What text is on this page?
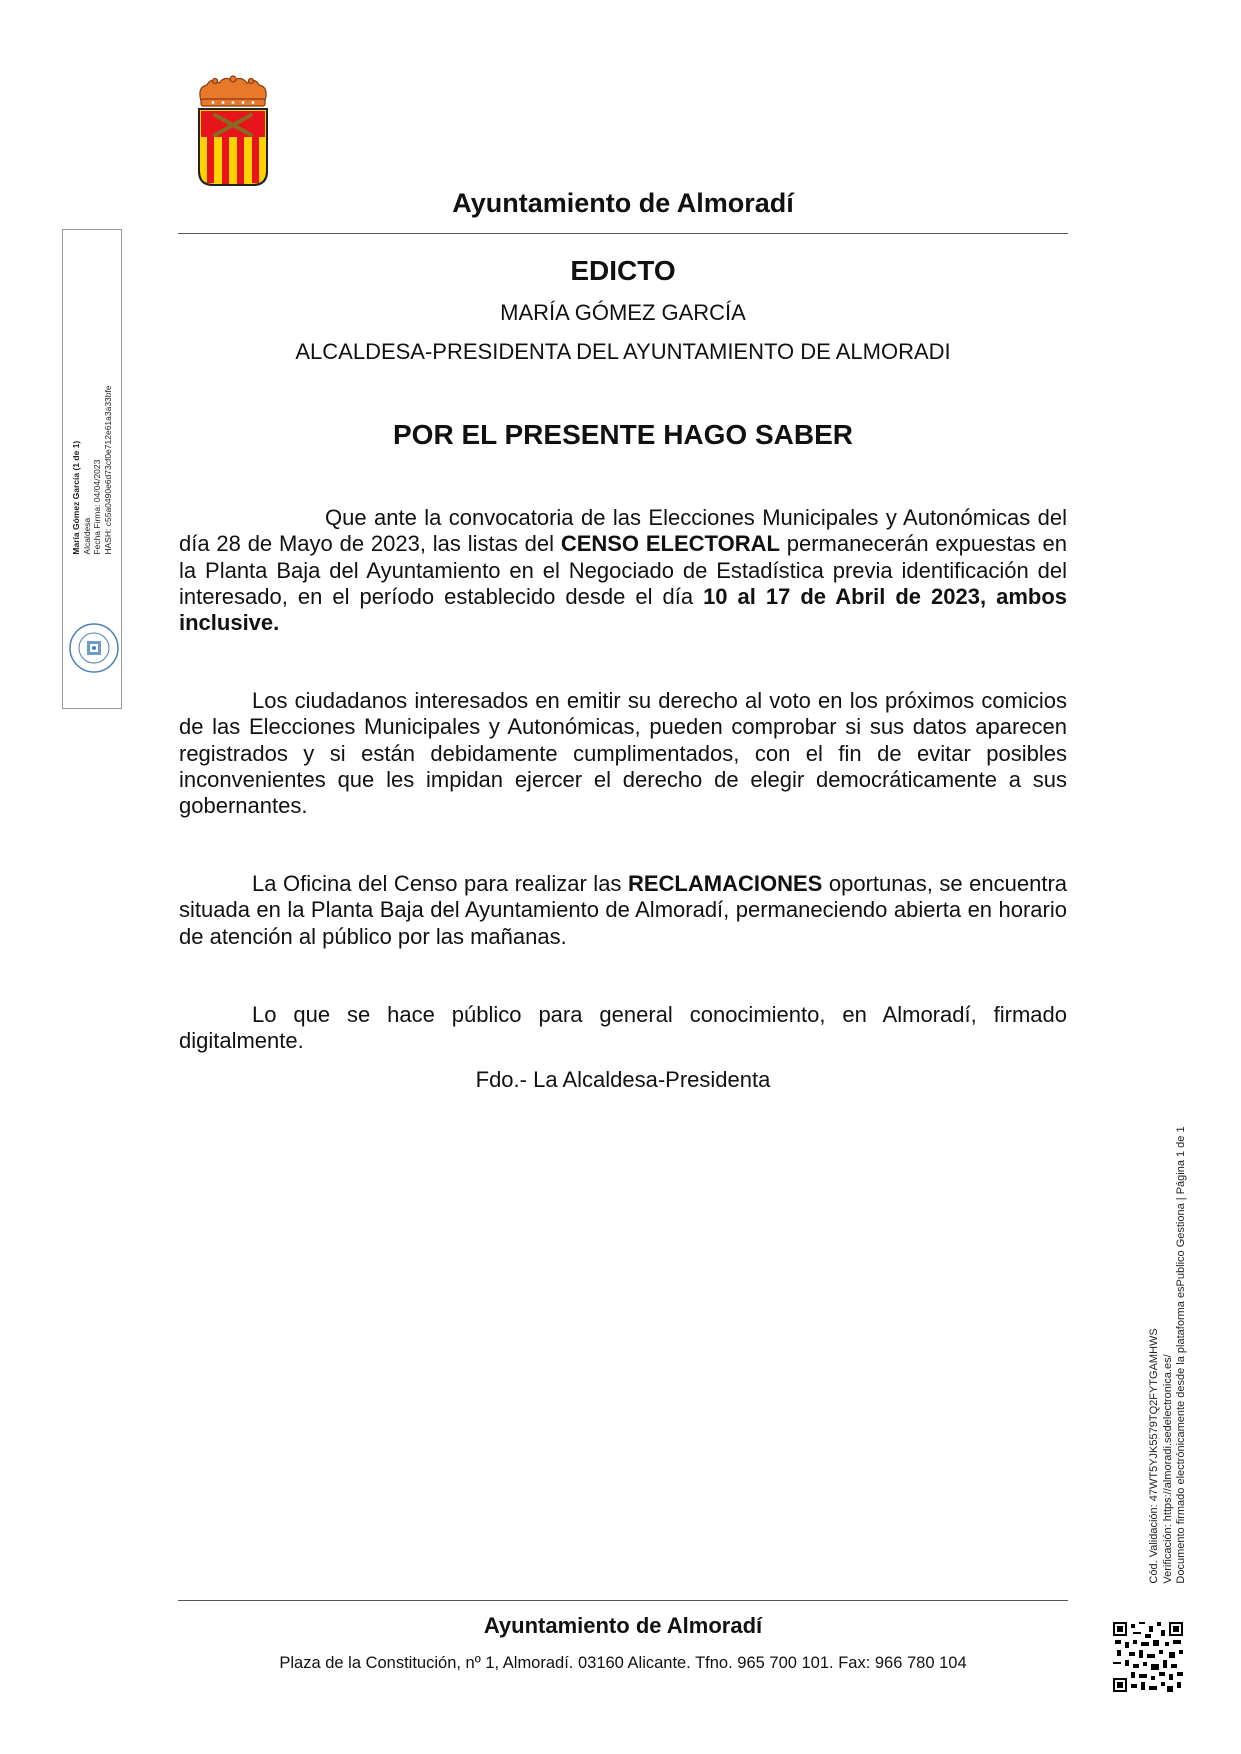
Ayuntamiento de Almoradí
EDICTO
MARÍA GÓMEZ GARCÍA
ALCALDESA-PRESIDENTA DEL AYUNTAMIENTO DE ALMORADI
POR EL PRESENTE HAGO SABER

Que ante la convocatoria de las Elecciones Municipales y Autonómicas del día 28 de Mayo de 2023, las listas del CENSO ELECTORAL permanecerán expuestas en la Planta Baja del Ayuntamiento en el Negociado de Estadística previa identificación del interesado, en el período establecido desde el día 10 al 17 de Abril de 2023, ambos inclusive.

Los ciudadanos interesados en emitir su derecho al voto en los próximos comicios de las Elecciones Municipales y Autonómicas, pueden comprobar si sus datos aparecen registrados y si están debidamente cumplimentados, con el fin de evitar posibles inconvenientes que les impidan ejercer el derecho de elegir democráticamente a sus gobernantes.

La Oficina del Censo para realizar las RECLAMACIONES oportunas, se encuentra situada en la Planta Baja del Ayuntamiento de Almoradí, permaneciendo abierta en horario de atención al público por las mañanas.

Lo que se hace público para general conocimiento, en Almoradí, firmado digitalmente.

Fdo.- La Alcaldesa-Presidenta
María Gómez García (1 de 1) Alcaldesa Fecha Firma: 04/04/2023 HASH: c55a0490e6d73cf0e712e61a3a33bfe
Cód. Validación: 47WT5YJK5579TQ2FYTGAMHWS Verificación: https://almoradi.sedelectronica.es/ Documento firmado electrónicamente desde la plataforma esPublico Gestiona | Página 1 de 1
Ayuntamiento de Almoradí
Plaza de la Constitución, nº 1, Almoradí. 03160 Alicante. Tfno. 965 700 101. Fax: 966 780 104
